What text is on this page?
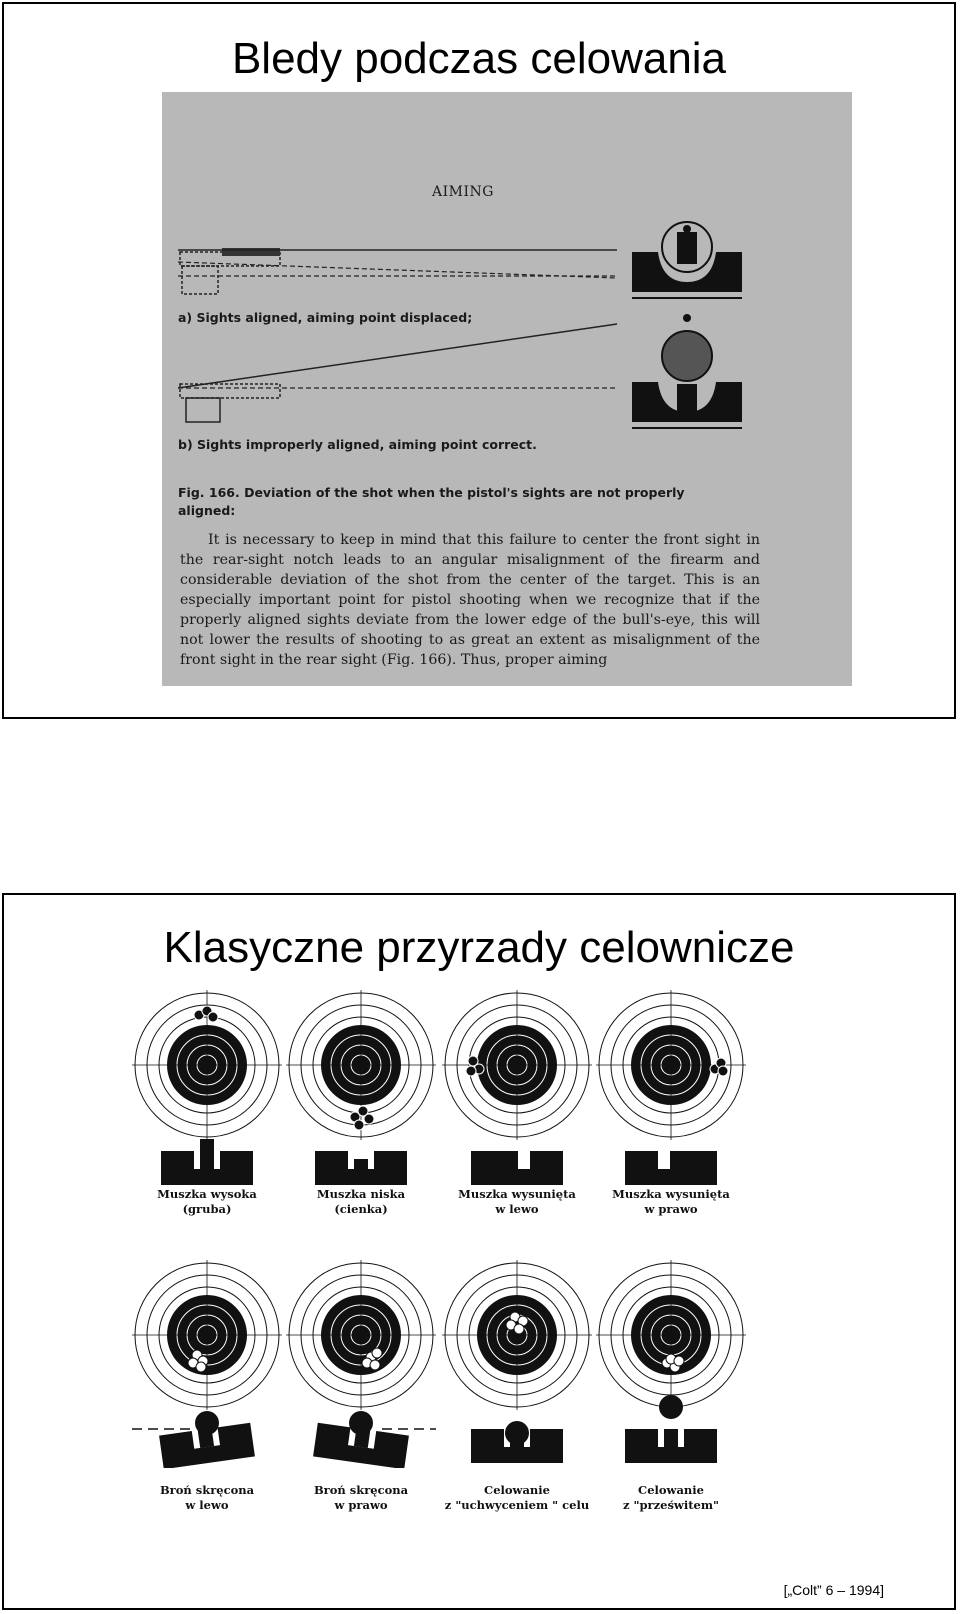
Bledy podczas celowania
AIMING
a) Sights aligned, aiming point displaced;
b) Sights improperly aligned, aiming point correct.
Fig. 166. Deviation of the shot when the pistol's sights are not properly aligned:
It is necessary to keep in mind that this failure to center the front sight in the rear-sight notch leads to an angular misalignment of the firearm and considerable deviation of the shot from the center of the target. This is an especially important point for pistol shooting when we recognize that if the properly aligned sights deviate from the lower edge of the bull's-eye, this will not lower the results of shooting to as great an extent as misalignment of the front sight in the rear sight (Fig. 166). Thus, proper aiming
Klasyczne przyrzady celownicze
Muszka wysoka
(gruba)
Muszka niska
(cienka)
Muszka wysunięta
w lewo
Muszka wysunięta
w prawo
Broń skręcona
w lewo
Broń skręcona
w prawo
Celowanie
z "uchwyceniem " celu
Celowanie
z "prześwitem"
[„Colt” 6 – 1994]
